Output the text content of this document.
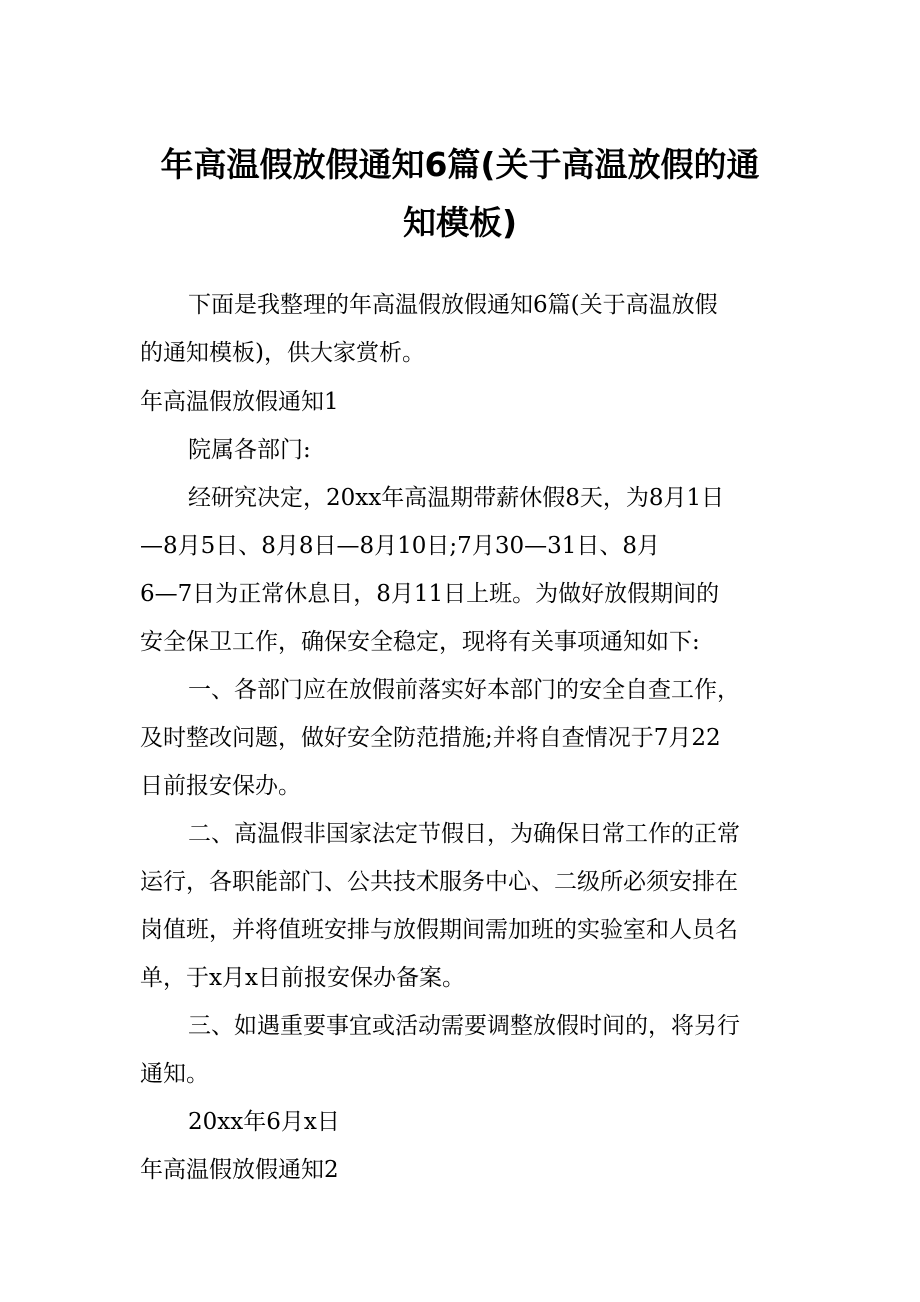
年高温假放假通知6篇(关于高温放假的通
知模板)
下面是我整理的年高温假放假通知6篇(关于高温放假
的通知模板)，供大家赏析。
年高温假放假通知1
院属各部门:
经研究决定，20xx年高温期带薪休假8天，为8月1日
—8月5日、8月8日—8月10日;7月30—31日、8月
6—7日为正常休息日，8月11日上班。为做好放假期间的
安全保卫工作，确保安全稳定，现将有关事项通知如下:
一、各部门应在放假前落实好本部门的安全自查工作，
及时整改问题，做好安全防范措施;并将自查情况于7月22
日前报安保办。
二、高温假非国家法定节假日，为确保日常工作的正常
运行，各职能部门、公共技术服务中心、二级所必须安排在
岗值班，并将值班安排与放假期间需加班的实验室和人员名
单，于x月x日前报安保办备案。
三、如遇重要事宜或活动需要调整放假时间的，将另行
通知。
20xx年6月x日
年高温假放假通知2
